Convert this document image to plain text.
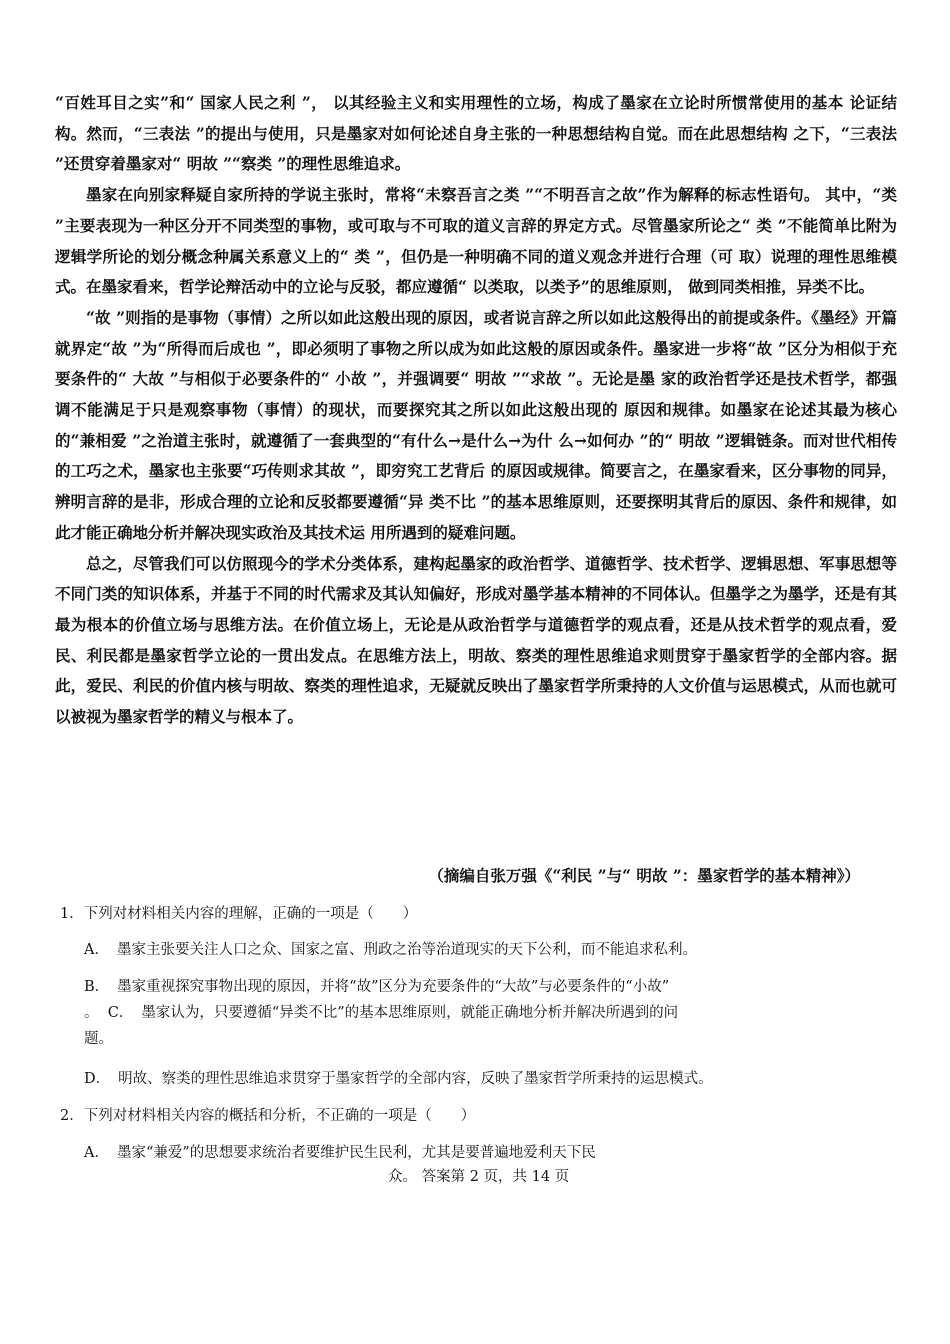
“百姓耳目之实”和“ 国家人民之利 ”， 以其经验主义和实用理性的立场，构成了墨家在立论时所惯常使用的基本 论证结构。然而，“三表法 ”的提出与使用，只是墨家对如何论述自身主张的一种思想结构自觉。而在此思想结构 之下，“三表法 ”还贯穿着墨家对“ 明故 ”“察类 ”的理性思维追求。

墨家在向别家释疑自家所持的学说主张时，常将“未察吾言之类 ”“不明吾言之故”作为解释的标志性语句。 其中，“类 ”主要表现为一种区分开不同类型的事物，或可取与不可取的道义言辞的界定方式。尽管墨家所论之“ 类 ”不能简单比附为逻辑学所论的划分概念种属关系意义上的“ 类 ”，但仍是一种明确不同的道义观念并进行合理（可 取）说理的理性思维模式。在墨家看来，哲学论辩活动中的立论与反驳，都应遵循“ 以类取，以类予”的思维原则， 做到同类相推，异类不比。

“故 ”则指的是事物（事情）之所以如此这般出现的原因，或者说言辞之所以如此这般得出的前提或条件。《墨经》开篇就界定“故 ”为“所得而后成也 ”，即必须明了事物之所以成为如此这般的原因或条件。墨家进一步将“故 ”区分为相似于充要条件的“ 大故 ”与相似于必要条件的“ 小故 ”，并强调要“ 明故 ”“求故 ”。无论是墨 家的政治哲学还是技术哲学，都强调不能满足于只是观察事物（事情）的现状，而要探究其之所以如此这般出现的 原因和规律。如墨家在论述其最为核心的“兼相爱 ”之治道主张时，就遵循了一套典型的“有什么→是什么→为什 么→如何办 ”的“ 明故 ”逻辑链条。而对世代相传的工巧之术，墨家也主张要“巧传则求其故 ”，即穷究工艺背后 的原因或规律。简要言之，在墨家看来，区分事物的同异，辨明言辞的是非，形成合理的立论和反驳都要遵循“异 类不比 ”的基本思维原则，还要探明其背后的原因、条件和规律，如此才能正确地分析并解决现实政治及其技术运 用所遇到的疑难问题。

总之，尽管我们可以仿照现今的学术分类体系，建构起墨家的政治哲学、道德哲学、技术哲学、逻辑思想、军事思想等不同门类的知识体系，并基于不同的时代需求及其认知偏好，形成对墨学基本精神的不同体认。但墨学之为墨学，还是有其最为根本的价值立场与思维方法。在价值立场上，无论是从政治哲学与道德哲学的观点看，还是从技术哲学的观点看，爱民、利民都是墨家哲学立论的一贯出发点。在思维方法上，明故、察类的理性思维追求则贯穿于墨家哲学的全部内容。据此，爱民、利民的价值内核与明故、察类的理性追求，无疑就反映出了墨家哲学所秉持的人文价值与运思模式，从而也就可以被视为墨家哲学的精义与根本了。

（摘编自张万强《“利民 ”与“ 明故 ”：墨家哲学的基本精神》）
1．下列对材料相关内容的理解，正确的一项是（　　）
A． 墨家主张要关注人口之众、国家之富、刑政之治等治道现实的天下公利，而不能追求私利。
B． 墨家重视探究事物出现的原因，并将“故”区分为充要条件的“大故”与必要条件的“小故”
。 C． 墨家认为，只要遵循“异类不比”的基本思维原则，就能正确地分析并解决所遇到的问
题。
D． 明故、察类的理性思维追求贯穿于墨家哲学的全部内容，反映了墨家哲学所秉持的运思模式。
2．下列对材料相关内容的概括和分析，不正确的一项是（　　）
A． 墨家“兼爱”的思想要求统治者要维护民生民利，尤其是要普遍地爱利天下民
众。 答案第 2 页，共 14 页
